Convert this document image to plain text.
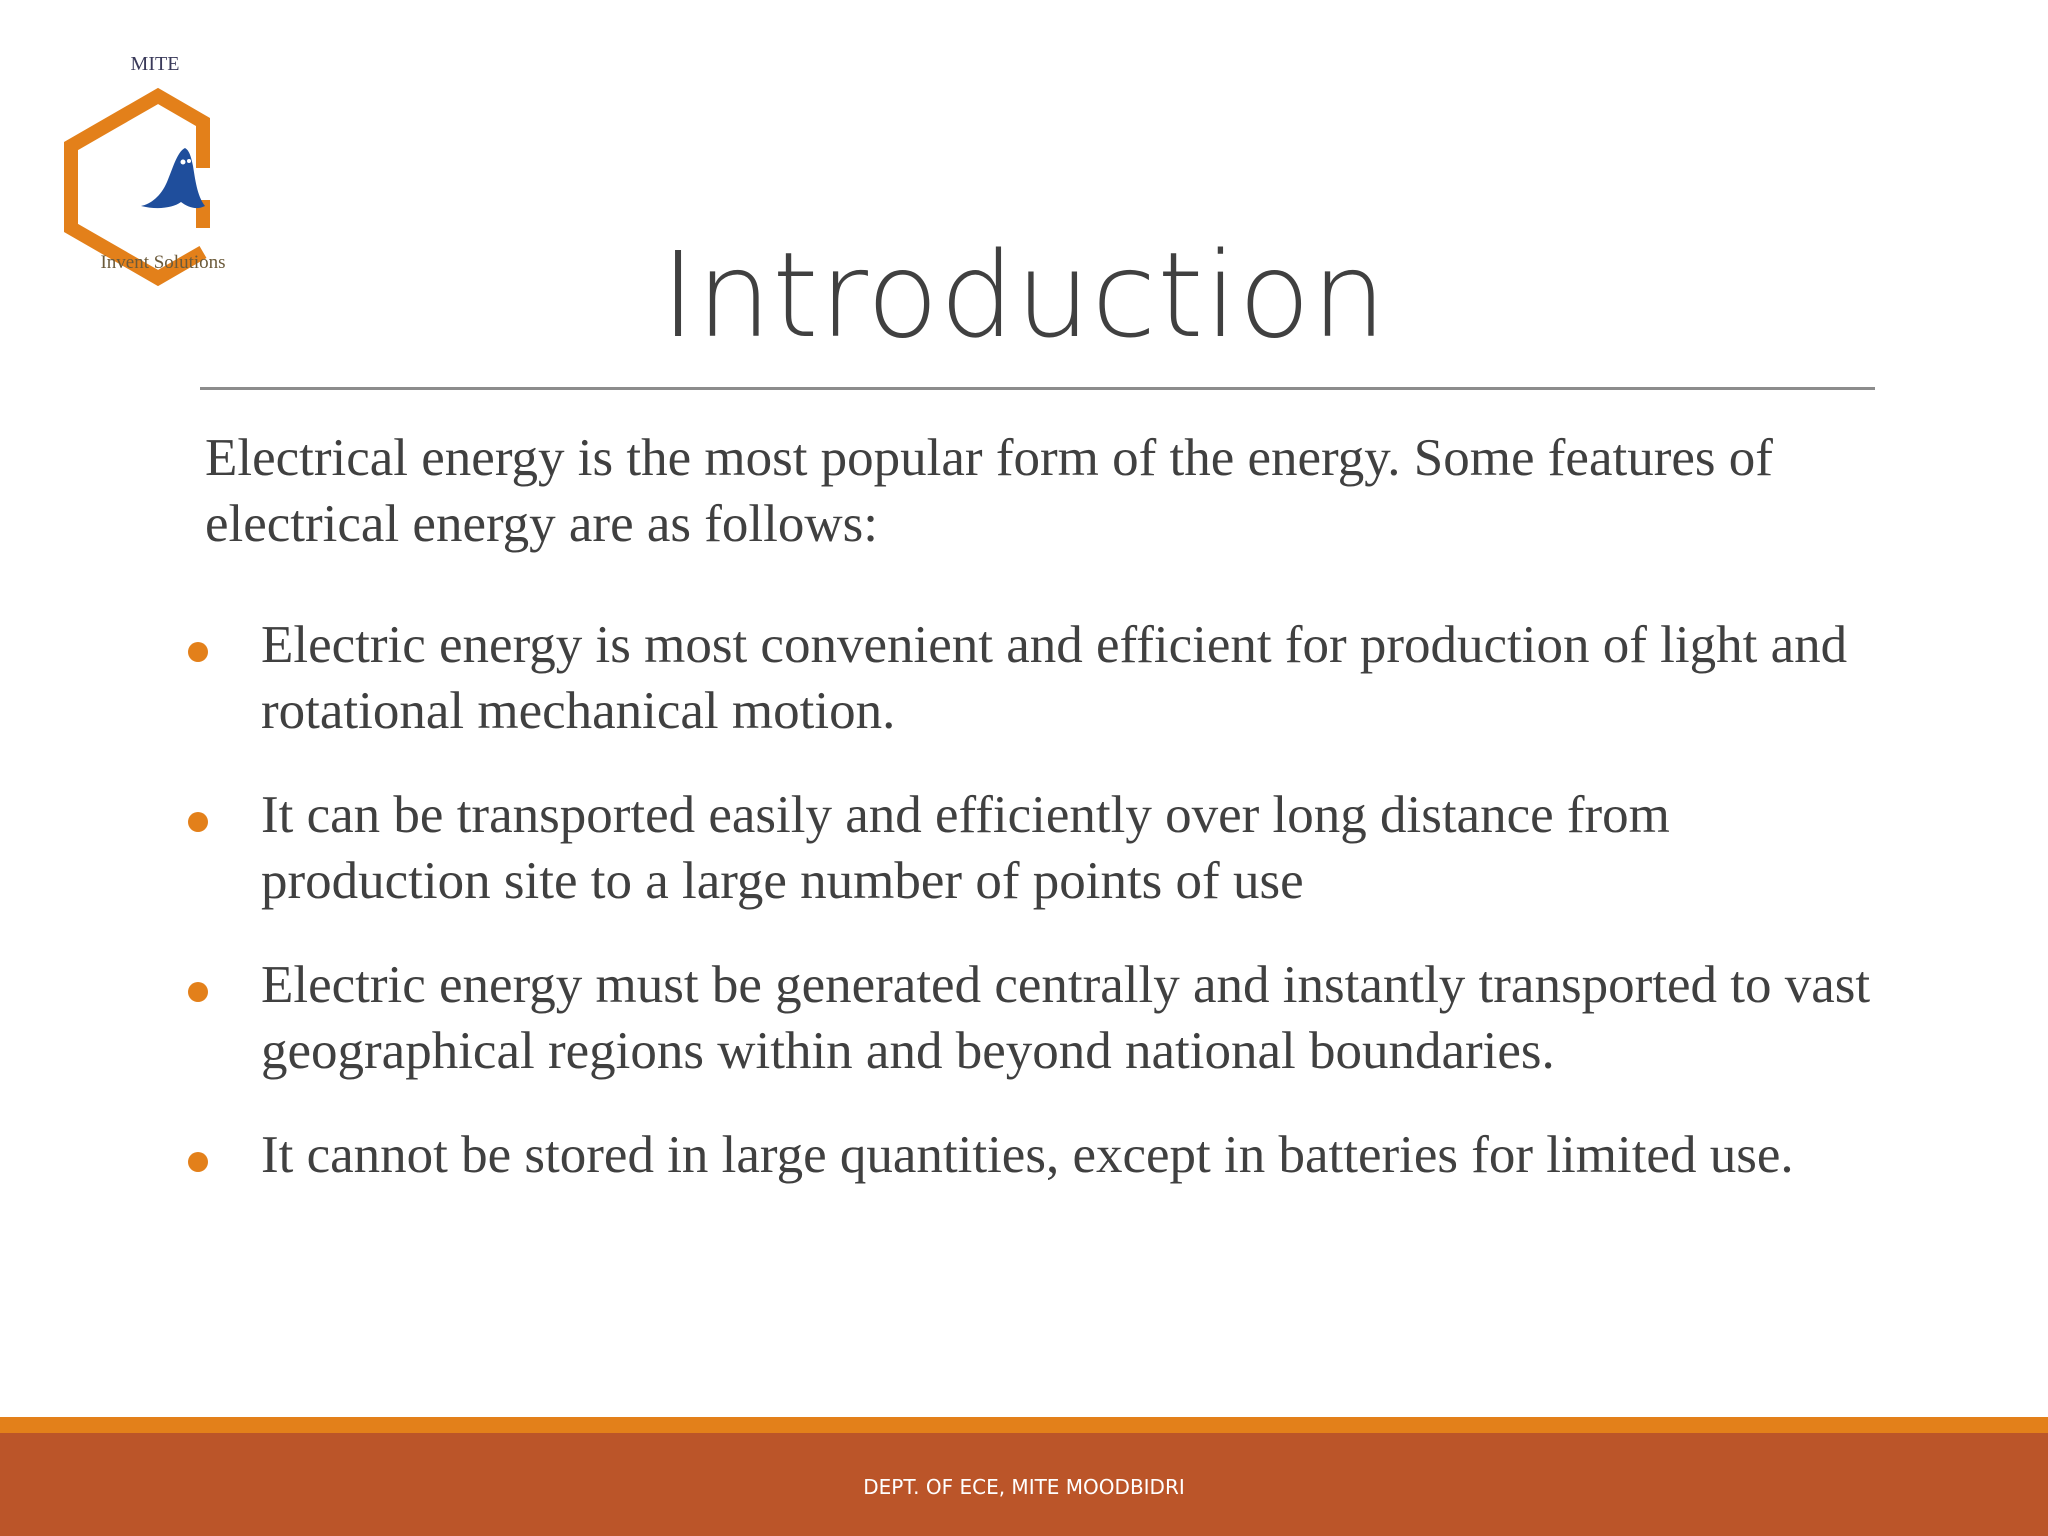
MITE
Invent Solutions	Introduction

Electrical energy is the most popular form of the energy. Some features of electrical energy are as follows:

Electric energy is most convenient and efficient for production of light and rotational mechanical motion.
It can be transported easily and efficiently over long distance from production site to a large number of points of use
Electric energy must be generated centrally and instantly transported to vast geographical regions within and beyond national boundaries.
It cannot be stored in large quantities, except in batteries for limited use.
DEPT. OF ECE, MITE MOODBIDRI
